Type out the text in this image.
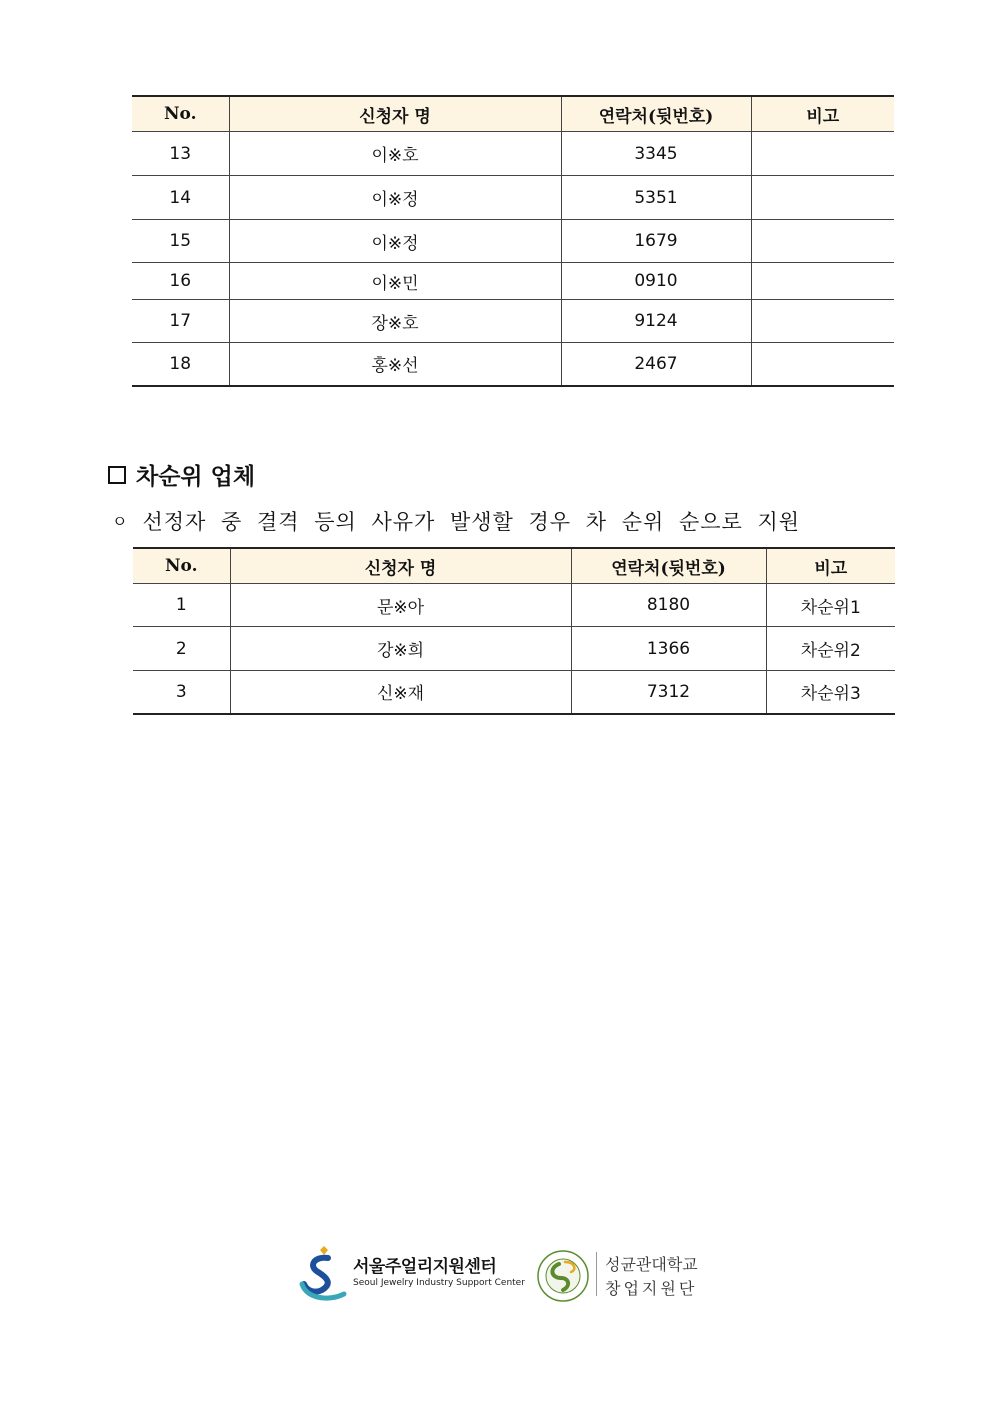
No.	신청자 명	연락처(뒷번호)	비고
13	이※호	3345	
14	이※정	5351	
15	이※정	1679	
16	이※민	0910	
17	장※호	9124	
18	홍※선	2467	
차순위 업체
ㅇ 선정자 중 결격 등의 사유가 발생할 경우 차 순위 순으로 지원
No.	신청자 명	연락처(뒷번호)	비고
1	문※아	8180	차순위1
2	강※희	1366	차순위2
3	신※재	7312	차순위3
서울주얼리지원센터
Seoul Jewelry Industry Support Center
성균관대학교
창업지원단
